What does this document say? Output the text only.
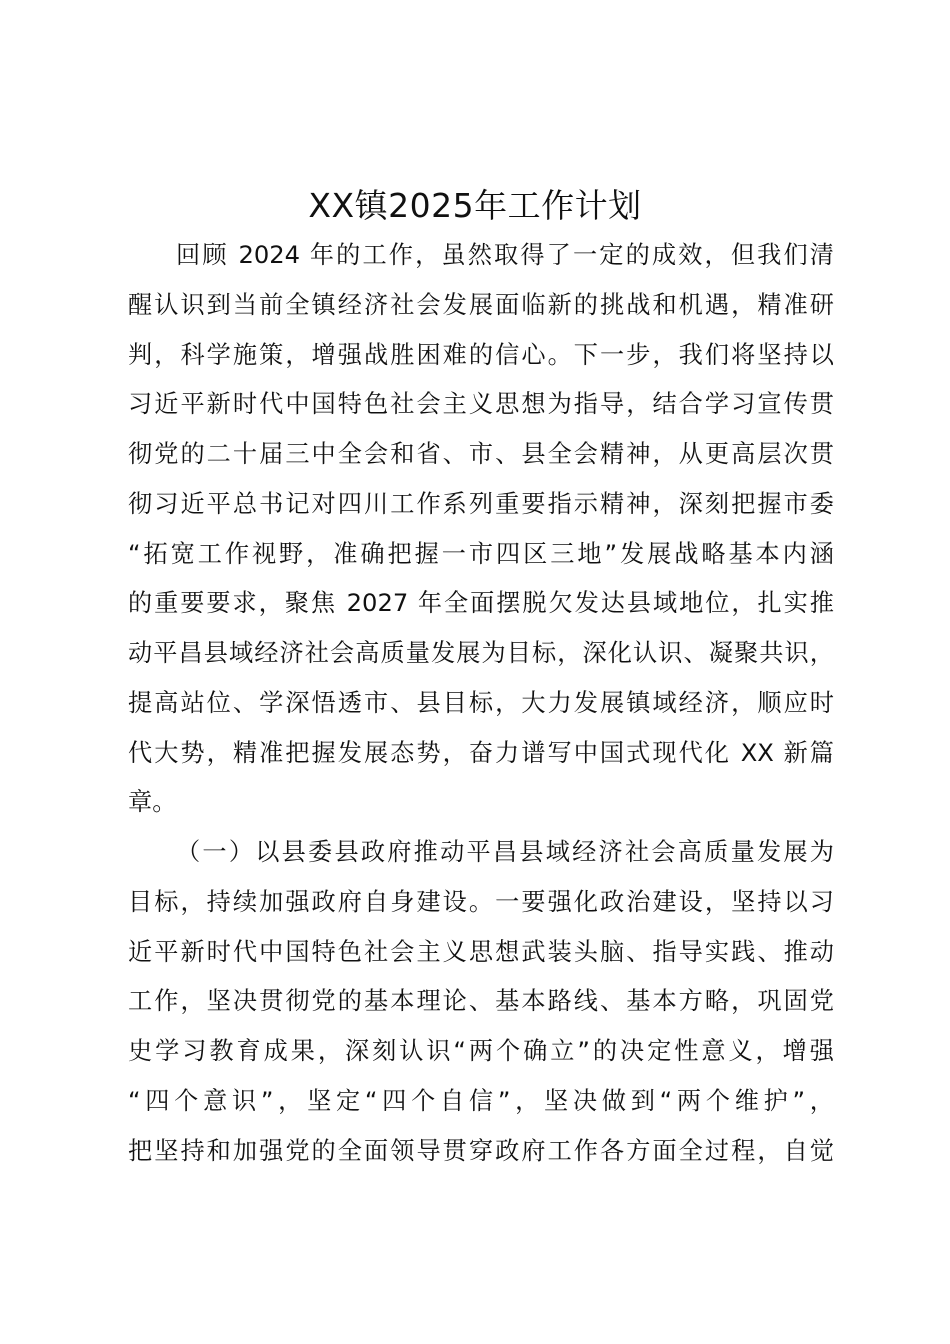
XX镇2025年工作计划
回顾 2024 年的工作，虽然取得了一定的成效，但我们清
醒认识到当前全镇经济社会发展面临新的挑战和机遇，精准研
判，科学施策，增强战胜困难的信心。下一步，我们将坚持以
习近平新时代中国特色社会主义思想为指导，结合学习宣传贯
彻党的二十届三中全会和省、市、县全会精神，从更高层次贯
彻习近平总书记对四川工作系列重要指示精神，深刻把握市委
“拓宽工作视野，准确把握一市四区三地”发展战略基本内涵
的重要要求，聚焦 2027 年全面摆脱欠发达县域地位，扎实推
动平昌县域经济社会高质量发展为目标，深化认识、凝聚共识，
提高站位、学深悟透市、县目标，大力发展镇域经济，顺应时
代大势，精准把握发展态势，奋力谱写中国式现代化 XX 新篇
章。
（一）以县委县政府推动平昌县域经济社会高质量发展为
目标，持续加强政府自身建设。一要强化政治建设，坚持以习
近平新时代中国特色社会主义思想武装头脑、指导实践、推动
工作，坚决贯彻党的基本理论、基本路线、基本方略，巩固党
史学习教育成果，深刻认识“两个确立”的决定性意义，增强
“四个意识”，坚定“四个自信”，坚决做到“两个维护”，
把坚持和加强党的全面领导贯穿政府工作各方面全过程，自觉
